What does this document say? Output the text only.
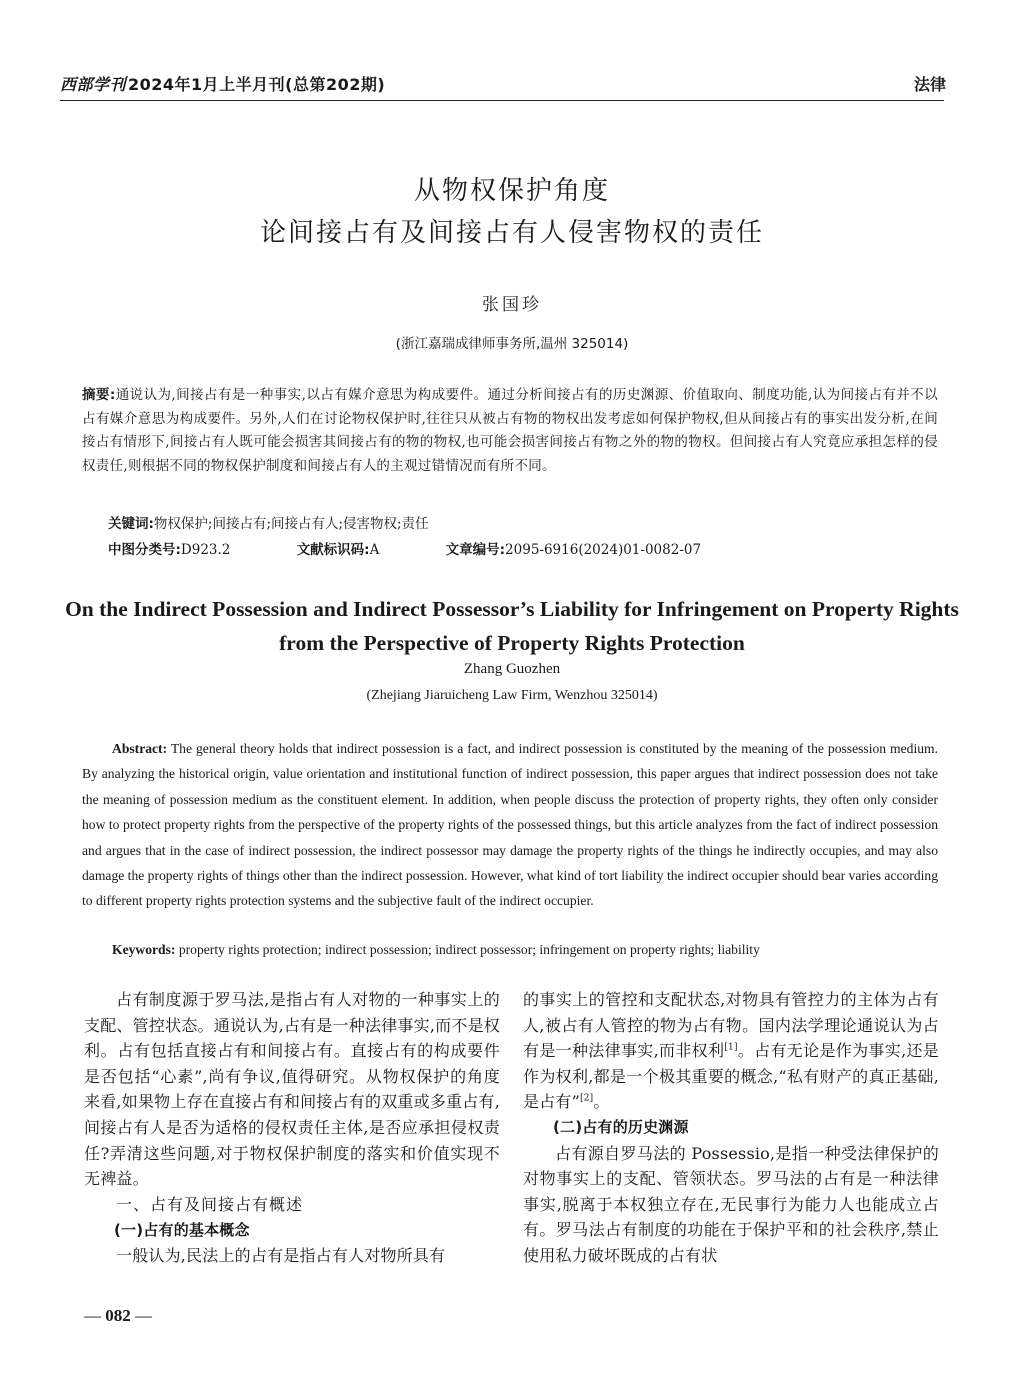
西部学刊 2024年1月上半月刊(总第202期)	法律
从物权保护角度
论间接占有及间接占有人侵害物权的责任
张国珍
(浙江嘉瑞成律师事务所,温州 325014)
摘要:通说认为,间接占有是一种事实,以占有媒介意思为构成要件。通过分析间接占有的历史渊源、价值取向、制度功能,认为间接占有并不以占有媒介意思为构成要件。另外,人们在讨论物权保护时,往往只从被占有物的物权出发考虑如何保护物权,但从间接占有的事实出发分析,在间接占有情形下,间接占有人既可能会损害其间接占有的物的物权,也可能会损害间接占有物之外的物的物权。但间接占有人究竟应承担怎样的侵权责任,则根据不同的物权保护制度和间接占有人的主观过错情况而有所不同。
关键词:物权保护;间接占有;间接占有人;侵害物权;责任
中图分类号:D923.2	文献标识码:A	文章编号:2095-6916(2024)01-0082-07
On the Indirect Possession and Indirect Possessor’s Liability for Infringement on Property Rights from the Perspective of Property Rights Protection
Zhang Guozhen
(Zhejiang Jiaruicheng Law Firm, Wenzhou 325014)
Abstract: The general theory holds that indirect possession is a fact, and indirect possession is constituted by the meaning of the possession medium. By analyzing the historical origin, value orientation and institutional function of indirect possession, this paper argues that indirect possession does not take the meaning of possession medium as the constituent element. In addition, when people discuss the protection of property rights, they often only consider how to protect property rights from the perspective of the property rights of the possessed things, but this article analyzes from the fact of indirect possession and argues that in the case of indirect possession, the indirect possessor may damage the property rights of the things he indirectly occupies, and may also damage the property rights of things other than the indirect possession. However, what kind of tort liability the indirect occupier should bear varies according to different property rights protection systems and the subjective fault of the indirect occupier.
Keywords: property rights protection; indirect possession; indirect possessor; infringement on property rights; liability

占有制度源于罗马法,是指占有人对物的一种事实上的支配、管控状态。通说认为,占有是一种法律事实,而不是权利。占有包括直接占有和间接占有。直接占有的构成要件是否包括“心素”,尚有争议,值得研究。从物权保护的角度来看,如果物上存在直接占有和间接占有的双重或多重占有,间接占有人是否为适格的侵权责任主体,是否应承担侵权责任?弄清这些问题,对于物权保护制度的落实和价值实现不无裨益。

一、占有及间接占有概述
(一)占有的基本概念

一般认为,民法上的占有是指占有人对物所具有

的事实上的管控和支配状态,对物具有管控力的主体为占有人,被占有人管控的物为占有物。国内法学理论通说认为占有是一种法律事实,而非权利[1]。占有无论是作为事实,还是作为权利,都是一个极其重要的概念,“私有财产的真正基础,是占有”[2]。

(二)占有的历史渊源

占有源自罗马法的 Possessio,是指一种受法律保护的对物事实上的支配、管领状态。罗马法的占有是一种法律事实,脱离于本权独立存在,无民事行为能力人也能成立占有。罗马法占有制度的功能在于保护平和的社会秩序,禁止使用私力破坏既成的占有状

— 082 —
